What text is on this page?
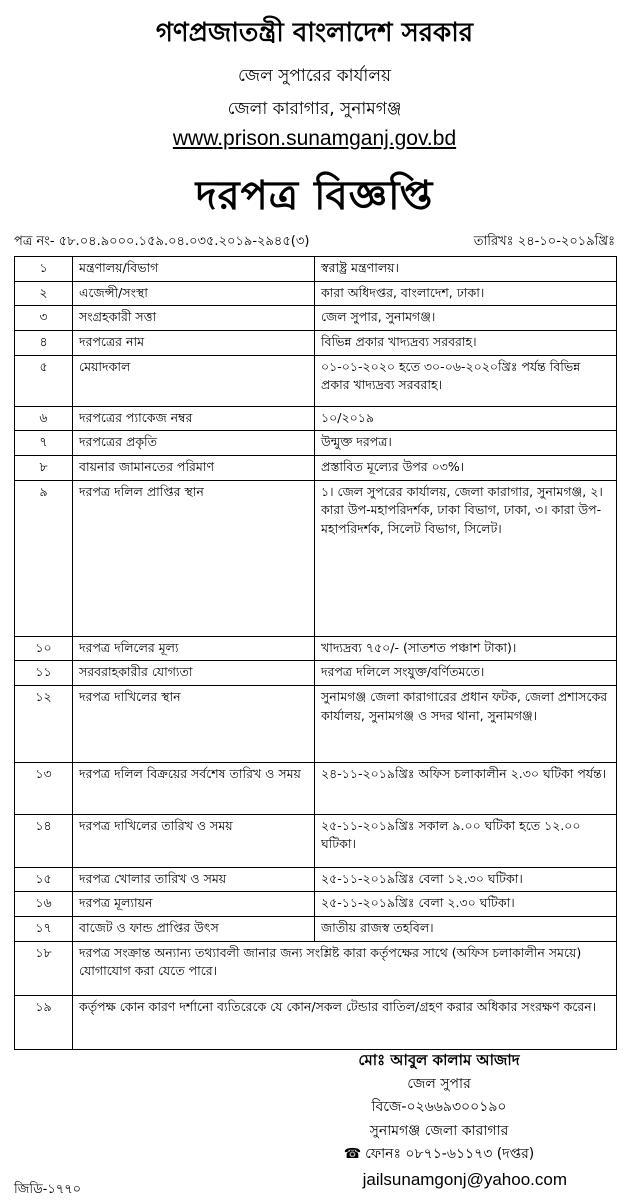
গণপ্রজাতন্ত্রী বাংলাদেশ সরকার
জেল সুপারের কার্যালয়
জেলা কারাগার, সুনামগঞ্জ
www.prison.sunamganj.gov.bd
দরপত্র বিজ্ঞপ্তি
পত্র নং- ৫৮.০৪.৯০০০.১৫৯.০৪.০৩৫.২০১৯-২৯৪৫(৩)	তারিখঃ ২৪-১০-২০১৯খ্রিঃ
১	মন্ত্রণালয়/বিভাগ	স্বরাষ্ট্র মন্ত্রণালয়।
২	এজেন্সী/সংস্থা	কারা অধিদপ্তর, বাংলাদেশ, ঢাকা।
৩	সংগ্রহকারী সত্তা	জেল সুপার, সুনামগঞ্জ।
৪	দরপত্রের নাম	বিভিন্ন প্রকার খাদ্যদ্রব্য সরবরাহ।
৫	মেয়াদকাল	০১-০১-২০২০ হতে ৩০-০৬-২০২০খ্রিঃ পর্যন্ত বিভিন্ন প্রকার খাদ্যদ্রব্য সরবরাহ।
৬	দরপত্রের প্যাকেজ নম্বর	১০/২০১৯
৭	দরপত্রের প্রকৃতি	উন্মুক্ত দরপত্র।
৮	বায়নার জামানতের পরিমাণ	প্রস্তাবিত মূল্যের উপর ০৩%।
৯	দরপত্র দলিল প্রাপ্তির স্থান	১। জেল সুপরের কার্যালয়, জেলা কারাগার, সুনামগঞ্জ, ২। কারা উপ-মহাপরিদর্শক, ঢাকা বিভাগ, ঢাকা, ৩। কারা উপ-মহাপরিদর্শক, সিলেট বিভাগ, সিলেট।
১০	দরপত্র দলিলের মূল্য	খাদ্যদ্রব্য ৭৫০/- (সাতশত পঞ্চাশ টাকা)।
১১	সরবরাহকারীর যোগ্যতা	দরপত্র দলিলে সংযুক্ত/বর্ণিতমতে।
১২	দরপত্র দাখিলের স্থান	সুনামগঞ্জ জেলা কারাগারের প্রধান ফটক, জেলা প্রশাসকের কার্যালয়, সুনামগঞ্জ ও সদর থানা, সুনামগঞ্জ।
১৩	দরপত্র দলিল বিক্রয়ের সর্বশেষ তারিখ ও সময়	২৪-১১-২০১৯খ্রিঃ অফিস চলাকালীন ২.৩০ ঘটিকা পর্যন্ত।
১৪	দরপত্র দাখিলের তারিখ ও সময়	২৫-১১-২০১৯খ্রিঃ সকাল ৯.০০ ঘটিকা হতে ১২.০০ ঘটিকা।
১৫	দরপত্র খোলার তারিখ ও সময়	২৫-১১-২০১৯খ্রিঃ বেলা ১২.৩০ ঘটিকা।
১৬	দরপত্র মূল্যায়ন	২৫-১১-২০১৯খ্রিঃ বেলা ২.৩০ ঘটিকা।
১৭	বাজেট ও ফান্ড প্রাপ্তির উৎস	জাতীয় রাজস্ব তহবিল।
১৮	দরপত্র সংক্রান্ত অন্যান্য তথ্যাবলী জানার জন্য সংশ্লিষ্ট কারা কর্তৃপক্ষের সাথে (অফিস চলাকালীন সময়ে) যোগাযোগ করা যেতে পারে।	
১৯	কর্তৃপক্ষ কোন কারণ দর্শানো ব্যতিরেকে যে কোন/সকল টেন্ডার বাতিল/গ্রহণ করার অধিকার সংরক্ষণ করেন।	
মোঃ আবুল কালাম আজাদ
জেল সুপার
বিজে-০২৬৬৯৩০০১৯০
সুনামগঞ্জ জেলা কারাগার
☎ ফোনঃ ০৮৭১-৬১১৭৩ (দপ্তর)
jailsunamgonj@yahoo.com
জিডি-১৭৭০
